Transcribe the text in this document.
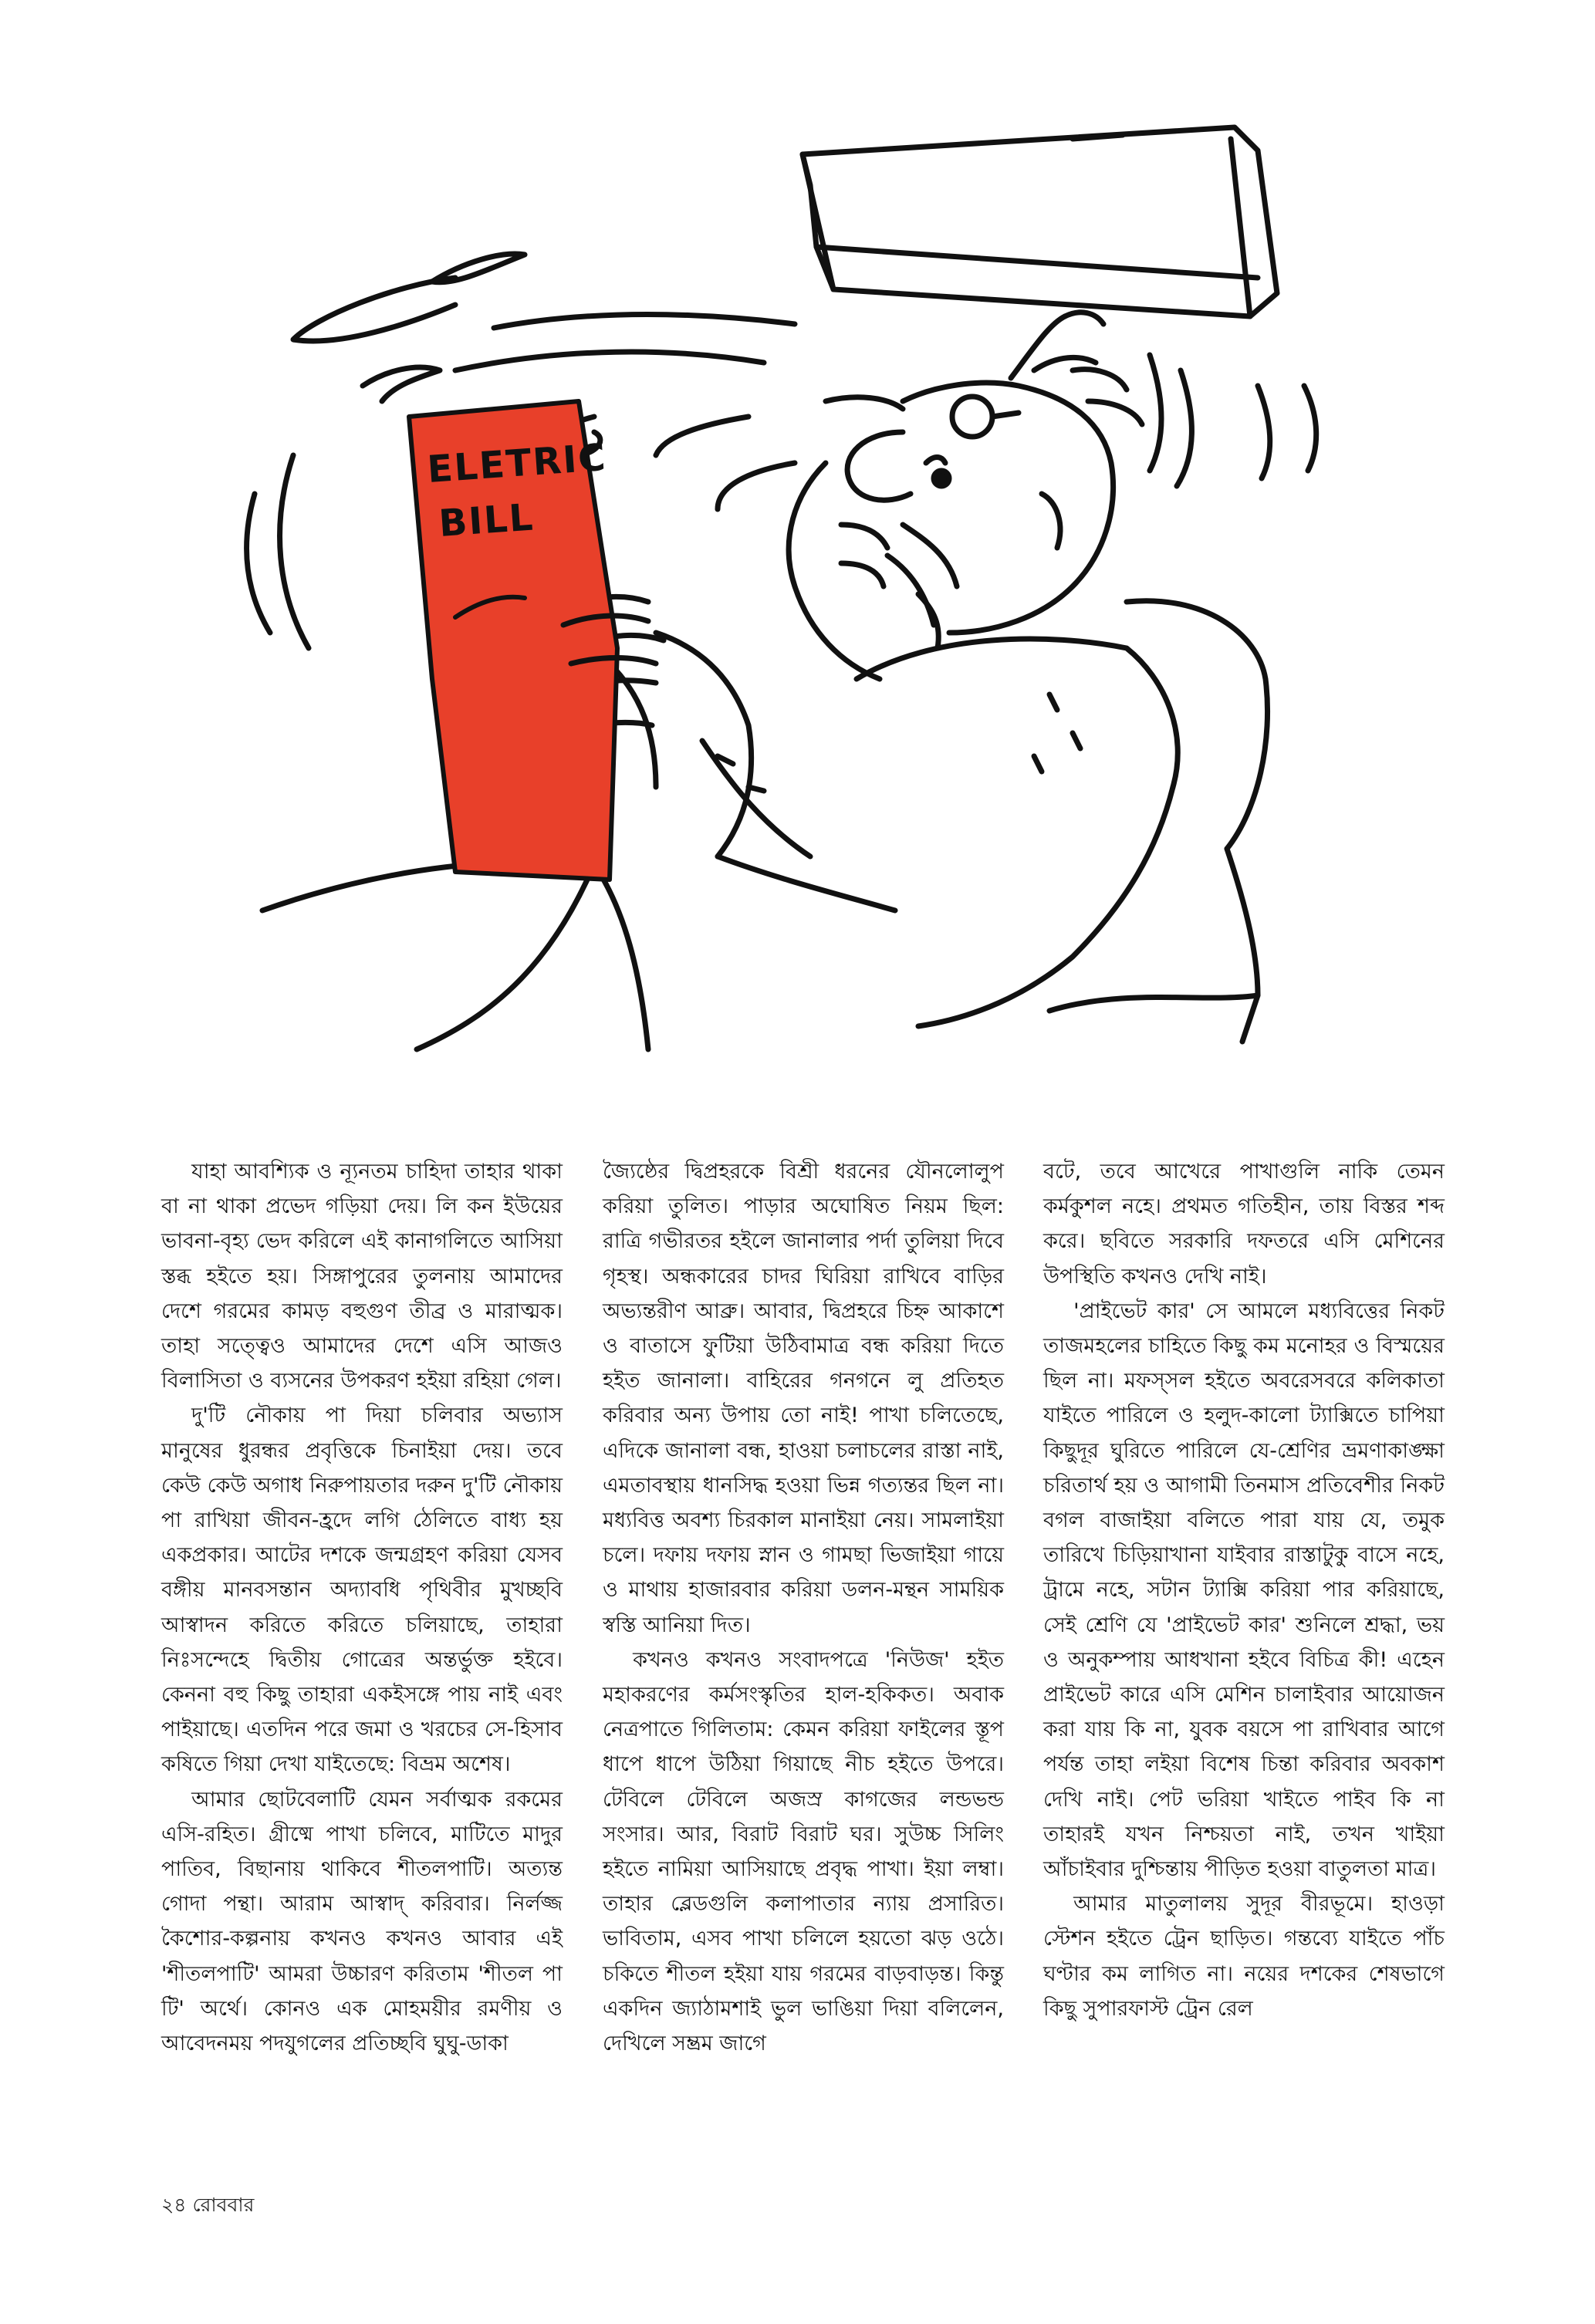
ELETRIC
BILL

যাহা আবশ্যিক ও ন্যূনতম চাহিদা তাহার থাকা বা না থাকা প্রভেদ গড়িয়া দেয়। লি কন ইউয়ের ভাবনা-বৃহ্য ভেদ করিলে এই কানাগলিতে আসিয়া স্তব্ধ হইতে হয়। সিঙ্গাপুরের তুলনায় আমাদের দেশে গরমের কামড় বহুগুণ তীব্র ও মারাত্মক। তাহা সত্ত্বেও আমাদের দেশে এসি আজও বিলাসিতা ও ব্যসনের উপকরণ হইয়া রহিয়া গেল।

দু'টি নৌকায় পা দিয়া চলিবার অভ্যাস মানুষের ধুরন্ধর প্রবৃত্তিকে চিনাইয়া দেয়। তবে কেউ কেউ অগাধ নিরুপায়তার দরুন দু'টি নৌকায় পা রাখিয়া জীবন-হ্রদে লগি ঠেলিতে বাধ্য হয় একপ্রকার। আটের দশকে জন্মগ্রহণ করিয়া যেসব বঙ্গীয় মানবসন্তান অদ্যাবধি পৃথিবীর মুখচ্ছবি আস্বাদন করিতে করিতে চলিয়াছে, তাহারা নিঃসন্দেহে দ্বিতীয় গোত্রের অন্তর্ভুক্ত হইবে। কেননা বহু কিছু তাহারা একইসঙ্গে পায় নাই এবং পাইয়াছে। এতদিন পরে জমা ও খরচের সে-হিসাব কষিতে গিয়া দেখা যাইতেছে: বিভ্রম অশেষ।

আমার ছোটবেলাটি যেমন সর্বাত্মক রকমের এসি-রহিত। গ্রীষ্মে পাখা চলিবে, মাটিতে মাদুর পাতিব, বিছানায় থাকিবে শীতলপাটি। অত্যন্ত গোদা পন্থা। আরাম আস্বাদ্ করিবার। নির্লজ্জ কৈশোর-কল্পনায় কখনও কখনও আবার এই 'শীতলপাটি' আমরা উচ্চারণ করিতাম 'শীতল পা টি' অর্থে। কোনও এক মোহময়ীর রমণীয় ও আবেদনময় পদযুগলের প্রতিচ্ছবি ঘুঘু-ডাকা

জ্যৈষ্ঠের দ্বিপ্রহরকে বিশ্রী ধরনের যৌনলোলুপ করিয়া তুলিত। পাড়ার অঘোষিত নিয়ম ছিল: রাত্রি গভীরতর হইলে জানালার পর্দা তুলিয়া দিবে গৃহস্থ। অন্ধকারের চাদর ঘিরিয়া রাখিবে বাড়ির অভ্যন্তরীণ আব্রু। আবার, দ্বিপ্রহরে চিহ্ন আকাশে ও বাতাসে ফুটিয়া উঠিবামাত্র বন্ধ করিয়া দিতে হইত জানালা। বাহিরের গনগনে লু প্রতিহত করিবার অন্য উপায় তো নাই! পাখা চলিতেছে, এদিকে জানালা বন্ধ, হাওয়া চলাচলের রাস্তা নাই, এমতাবস্থায় ধানসিদ্ধ হওয়া ভিন্ন গত্যন্তর ছিল না। মধ্যবিত্ত অবশ্য চিরকাল মানাইয়া নেয়। সামলাইয়া চলে। দফায় দফায় স্নান ও গামছা ভিজাইয়া গায়ে ও মাথায় হাজারবার করিয়া ডলন-মন্থন সাময়িক স্বস্তি আনিয়া দিত।

কখনও কখনও সংবাদপত্রে 'নিউজ' হইত মহাকরণের কর্মসংস্কৃতির হাল-হকিকত। অবাক নেত্রপাতে গিলিতাম: কেমন করিয়া ফাইলের স্তূপ ধাপে ধাপে উঠিয়া গিয়াছে নীচ হইতে উপরে। টেবিলে টেবিলে অজস্র কাগজের লন্ডভন্ড সংসার। আর, বিরাট বিরাট ঘর। সুউচ্চ সিলিং হইতে নামিয়া আসিয়াছে প্রবৃদ্ধ পাখা। ইয়া লম্বা। তাহার ব্লেডগুলি কলাপাতার ন্যায় প্রসারিত। ভাবিতাম, এসব পাখা চলিলে হয়তো ঝড় ওঠে। চকিতে শীতল হইয়া যায় গরমের বাড়বাড়ন্ত। কিন্তু একদিন জ্যাঠামশাই ভুল ভাঙিয়া দিয়া বলিলেন, দেখিলে সম্ভ্রম জাগে

বটে, তবে আখেরে পাখাগুলি নাকি তেমন কর্মকুশল নহে। প্রথমত গতিহীন, তায় বিস্তর শব্দ করে। ছবিতে সরকারি দফতরে এসি মেশিনের উপস্থিতি কখনও দেখি নাই।

'প্রাইভেট কার' সে আমলে মধ্যবিত্তের নিকট তাজমহলের চাহিতে কিছু কম মনোহর ও বিস্ময়ের ছিল না। মফস্সল হইতে অবরেসবরে কলিকাতা যাইতে পারিলে ও হলুদ-কালো ট্যাক্সিতে চাপিয়া কিছুদূর ঘুরিতে পারিলে যে-শ্রেণির ভ্রমণাকাঙ্ক্ষা চরিতার্থ হয় ও আগামী তিনমাস প্রতিবেশীর নিকট বগল বাজাইয়া বলিতে পারা যায় যে, তমুক তারিখে চিড়িয়াখানা যাইবার রাস্তাটুকু বাসে নহে, ট্রামে নহে, সটান ট্যাক্সি করিয়া পার করিয়াছে, সেই শ্রেণি যে 'প্রাইভেট কার' শুনিলে শ্রদ্ধা, ভয় ও অনুকম্পায় আধখানা হইবে বিচিত্র কী! এহেন প্রাইভেট কারে এসি মেশিন চালাইবার আয়োজন করা যায় কি না, যুবক বয়সে পা রাখিবার আগে পর্যন্ত তাহা লইয়া বিশেষ চিন্তা করিবার অবকাশ দেখি নাই। পেট ভরিয়া খাইতে পাইব কি না তাহারই যখন নিশ্চয়তা নাই, তখন খাইয়া আঁচাইবার দুশ্চিন্তায় পীড়িত হওয়া বাতুলতা মাত্র।

আমার মাতুলালয় সুদূর বীরভূমে। হাওড়া স্টেশন হইতে ট্রেন ছাড়িত। গন্তব্যে যাইতে পাঁচ ঘণ্টার কম লাগিত না। নয়ের দশকের শেষভাগে কিছু সুপারফাস্ট ট্রেন রেল

২৪ রোববার
